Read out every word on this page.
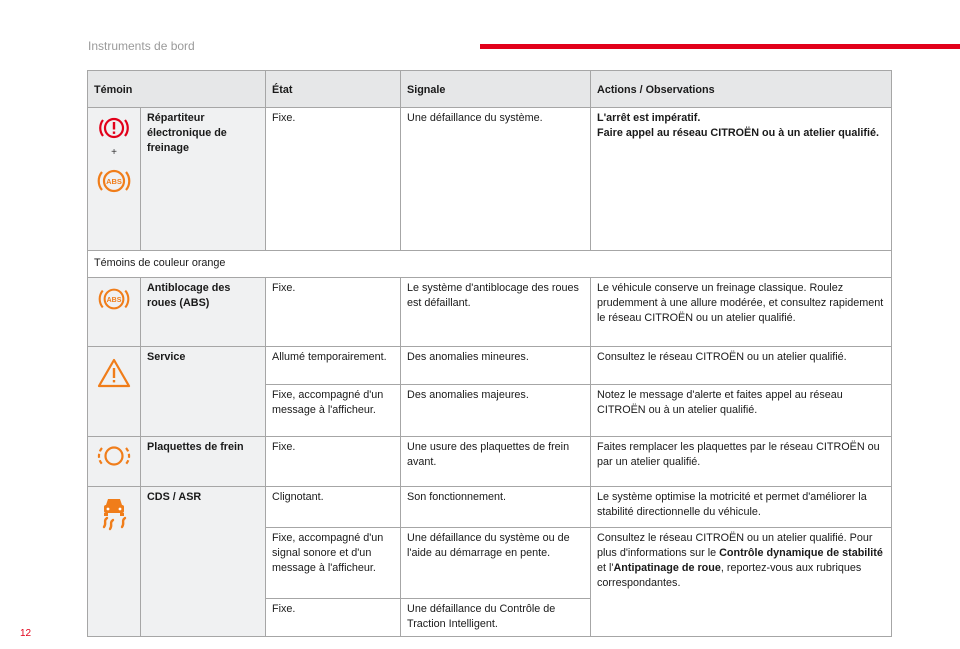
Instruments de bord
Témoin		État	Signale	Actions / Observations

+
ABS	Répartiteur électronique de freinage	Fixe.	Une défaillance du système.	L'arrêt est impératif.
Faire appel au réseau CITROËN ou à un atelier qualifié.
Témoins de couleur orange				

ABS	Antiblocage des roues (ABS)	Fixe.	Le système d'antiblocage des roues est défaillant.	Le véhicule conserve un freinage classique. Roulez prudemment à une allure modérée, et consultez rapidement le réseau CITROËN ou un atelier qualifié.

	Service	Allumé temporairement.	Des anomalies mineures.	Consultez le réseau CITROËN ou un atelier qualifié.
		Fixe, accompagné d'un message à l'afficheur.	Des anomalies majeures.	Notez le message d'alerte et faites appel au réseau CITROËN ou à un atelier qualifié.

	Plaquettes de frein	Fixe.	Une usure des plaquettes de frein avant.	Faites remplacer les plaquettes par le réseau CITROËN ou par un atelier qualifié.

	CDS / ASR	Clignotant.	Son fonctionnement.	Le système optimise la motricité et permet d'améliorer la stabilité directionnelle du véhicule.
		Fixe, accompagné d'un signal sonore et d'un message à l'afficheur.	Une défaillance du système ou de l'aide au démarrage en pente.	Consultez le réseau CITROËN ou un atelier qualifié. Pour plus d'informations sur le Contrôle dynamique de stabilité et l'Antipatinage de roue, reportez-vous aux rubriques correspondantes.
		Fixe.	Une défaillance du Contrôle de Traction Intelligent.	
12
